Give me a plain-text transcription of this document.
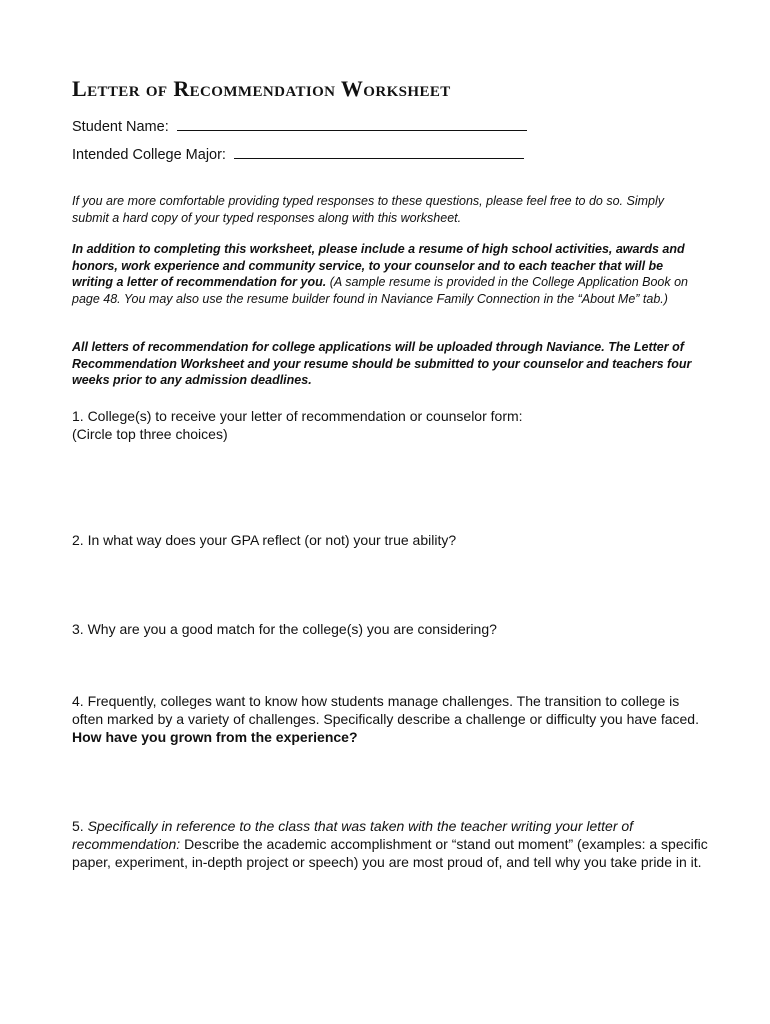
Letter of Recommendation Worksheet
Student Name:
Intended College Major:
If you are more comfortable providing typed responses to these questions, please feel free to do so. Simply submit a hard copy of your typed responses along with this worksheet.
In addition to completing this worksheet, please include a resume of high school activities, awards and honors, work experience and community service, to your counselor and to each teacher that will be writing a letter of recommendation for you. (A sample resume is provided in the College Application Book on page 48. You may also use the resume builder found in Naviance Family Connection in the “About Me” tab.)
All letters of recommendation for college applications will be uploaded through Naviance. The Letter of Recommendation Worksheet and your resume should be submitted to your counselor and teachers four weeks prior to any admission deadlines.
1. College(s) to receive your letter of recommendation or counselor form:
(Circle top three choices)
2. In what way does your GPA reflect (or not) your true ability?
3. Why are you a good match for the college(s) you are considering?
4. Frequently, colleges want to know how students manage challenges. The transition to college is often marked by a variety of challenges. Specifically describe a challenge or difficulty you have faced. How have you grown from the experience?
5. Specifically in reference to the class that was taken with the teacher writing your letter of recommendation: Describe the academic accomplishment or “stand out moment” (examples: a specific paper, experiment, in-depth project or speech) you are most proud of, and tell why you take pride in it.
